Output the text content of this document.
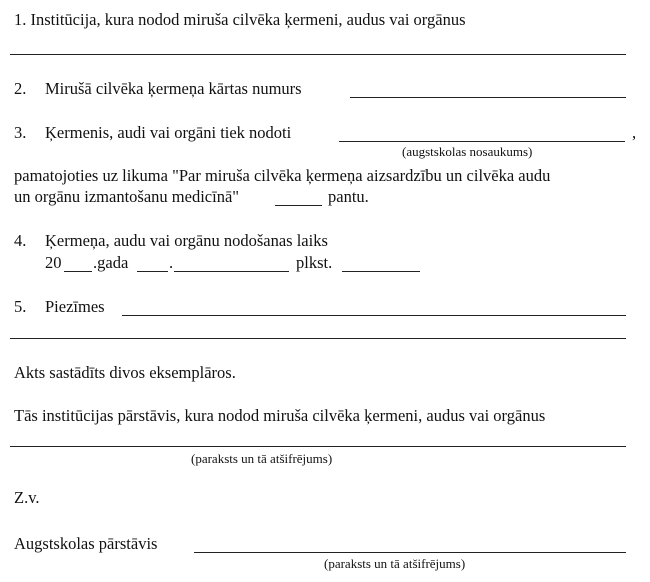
1. Institūcija, kura nodod miruša cilvēka ķermeni, audus vai orgānus
2. Mirušā cilvēka ķermeņa kārtas numurs
3. Ķermenis, audi vai orgāni tiek nodoti	,
(augstskolas nosaukums)
pamatojoties uz likuma "Par miruša cilvēka ķermeņa aizsardzību un cilvēka audu
un orgānu izmantošanu medicīnā"	pantu.
4. Ķermeņa, audu vai orgānu nodošanas laiks
20 .gada .	plkst.
5. Piezīmes
Akts sastādīts divos eksemplāros.
Tās institūcijas pārstāvis, kura nodod miruša cilvēka ķermeni, audus vai orgānus
(paraksts un tā atšifrējums)
Z.v.
Augstskolas pārstāvis
(paraksts un tā atšifrējums)
